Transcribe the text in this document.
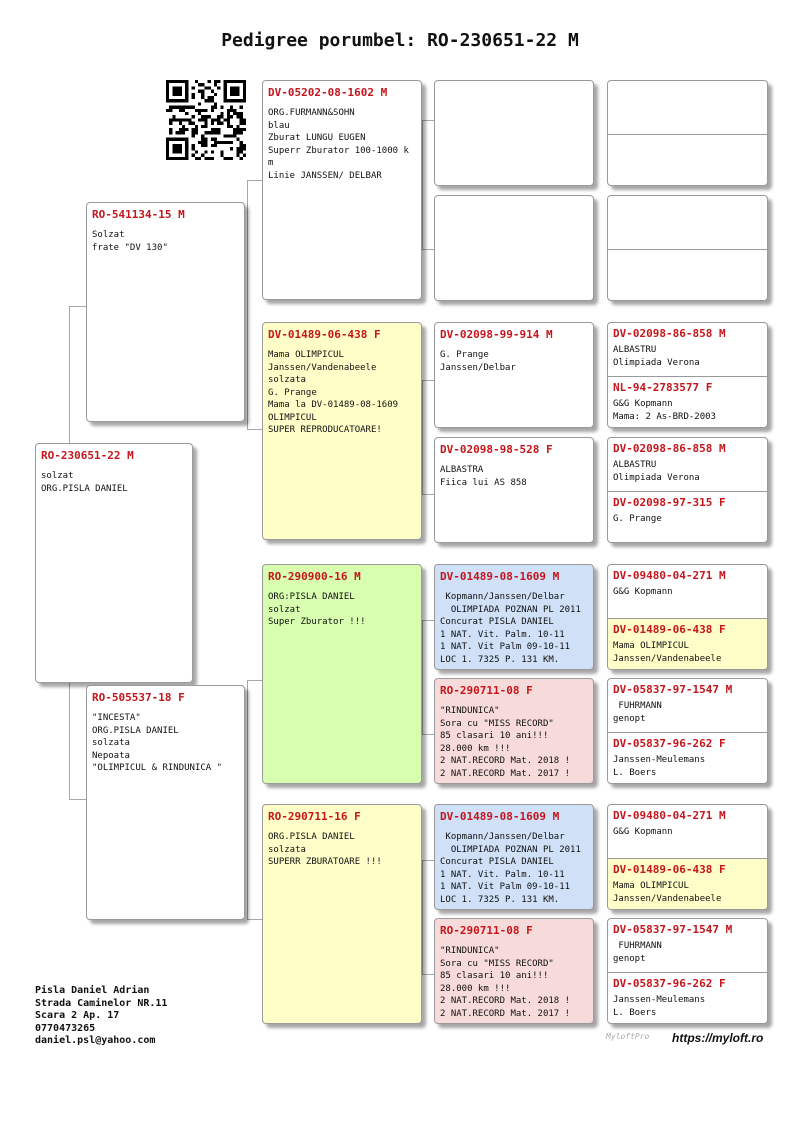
Pedigree porumbel: RO-230651-22 M
RO-230651-22 M
solzat
ORG.PISLA DANIEL
RO-541134-15 M
Solzat
frate "DV 130"
RO-505537-18 F
"INCESTA"
ORG.PISLA DANIEL
solzata
Nepoata
"OLIMPICUL & RINDUNICA "
DV-05202-08-1602 M
ORG.FURMANN&SOHN
blau
Zburat LUNGU EUGEN
Superr Zburator 100-1000 k
m
Linie JANSSEN/ DELBAR
DV-01489-06-438 F
Mama OLIMPICUL
Janssen/Vandenabeele
solzata
G. Prange
Mama la DV-01489-08-1609
OLIMPICUL
SUPER REPRODUCATOARE!
RO-290900-16 M
ORG:PISLA DANIEL
solzat
Super Zburator !!!
RO-290711-16 F
ORG.PISLA DANIEL
solzata
SUPERR ZBURATOARE !!!
DV-02098-99-914 M
G. Prange
Janssen/Delbar
DV-02098-98-528 F
ALBASTRA
Fiica lui AS 858
DV-01489-08-1609 M
Kopmann/Janssen/Delbar
OLIMPIADA POZNAN PL 2011
Concurat PISLA DANIEL
1 NAT. Vit. Palm. 10-11
1 NAT. Vit Palm 09-10-11
LOC 1. 7325 P. 131 KM.
RO-290711-08 F
"RINDUNICA"
Sora cu "MISS RECORD"
85 clasari 10 ani!!!
28.000 km !!!
2 NAT.RECORD Mat. 2018 !
2 NAT.RECORD Mat. 2017 !
DV-01489-08-1609 M
Kopmann/Janssen/Delbar
OLIMPIADA POZNAN PL 2011
Concurat PISLA DANIEL
1 NAT. Vit. Palm. 10-11
1 NAT. Vit Palm 09-10-11
LOC 1. 7325 P. 131 KM.
RO-290711-08 F
"RINDUNICA"
Sora cu "MISS RECORD"
85 clasari 10 ani!!!
28.000 km !!!
2 NAT.RECORD Mat. 2018 !
2 NAT.RECORD Mat. 2017 !
DV-02098-86-858 M
ALBASTRU
Olimpiada Verona
NL-94-2783577 F
G&G Kopmann
Mama: 2 As-BRD-2003
DV-02098-86-858 M
ALBASTRU
Olimpiada Verona
DV-02098-97-315 F
G. Prange
DV-09480-04-271 M
G&G Kopmann
DV-01489-06-438 F
Mama OLIMPICUL
Janssen/Vandenabeele
DV-05837-97-1547 M
FUHRMANN
genopt
DV-05837-96-262 F
Janssen-Meulemans
L. Boers
DV-09480-04-271 M
G&G Kopmann
DV-01489-06-438 F
Mama OLIMPICUL
Janssen/Vandenabeele
DV-05837-97-1547 M
FUHRMANN
genopt
DV-05837-96-262 F
Janssen-Meulemans
L. Boers
Pisla Daniel Adrian
Strada Caminelor NR.11
Scara 2 Ap. 17
0770473265
daniel.psl@yahoo.com	MyloftPro https://myloft.ro
